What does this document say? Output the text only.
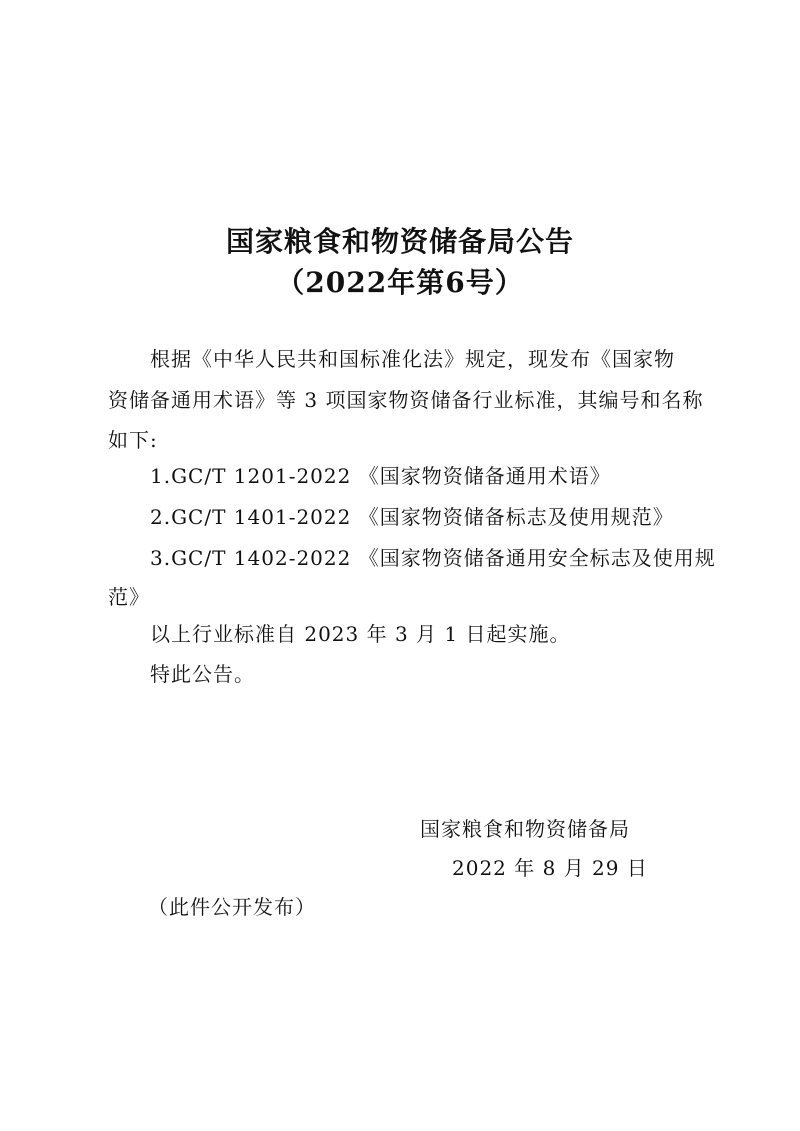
国家粮食和物资储备局公告
（2022年第6号）
根据《中华人民共和国标准化法》规定，现发布《国家物
资储备通用术语》等 3 项国家物资储备行业标准，其编号和名称
如下:
1.GC/T 1201-2022 《国家物资储备通用术语》
2.GC/T 1401-2022 《国家物资储备标志及使用规范》
3.GC/T 1402-2022 《国家物资储备通用安全标志及使用规
范》
以上行业标准自 2023 年 3 月 1 日起实施。
特此公告。
国家粮食和物资储备局
2022 年 8 月 29 日
（此件公开发布）
